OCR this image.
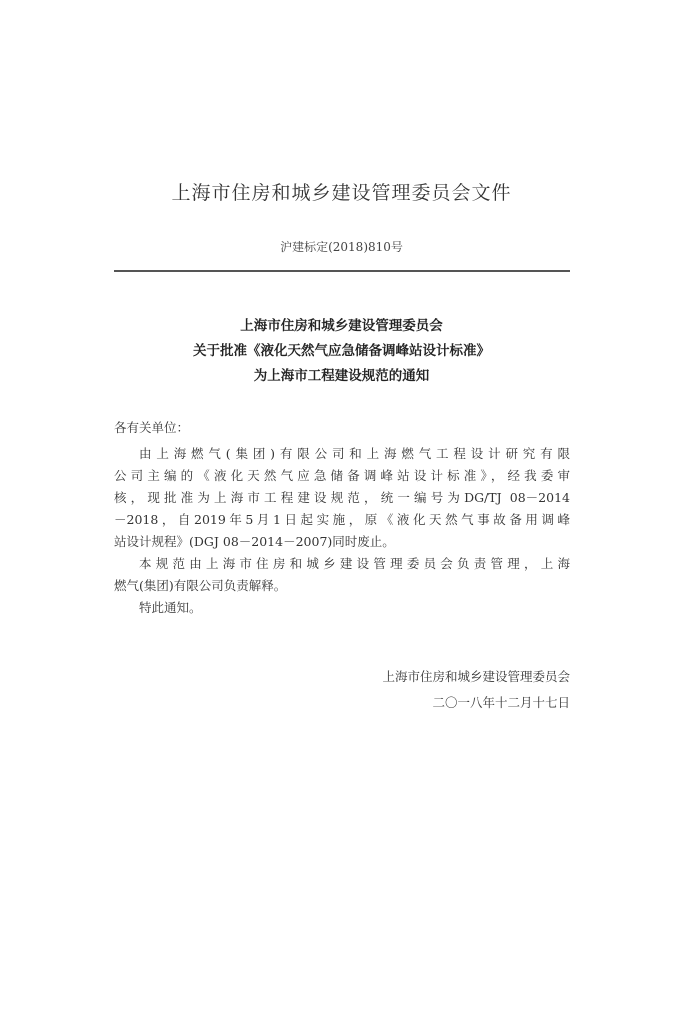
上海市住房和城乡建设管理委员会文件
沪建标定(2018)810号
上海市住房和城乡建设管理委员会
关于批准《液化天然气应急储备调峰站设计标准》
为上海市工程建设规范的通知
各有关单位：
由上海燃气(集团)有限公司和上海燃气工程设计研究有限
公司主编的《液化天然气应急储备调峰站设计标准》，经我委审
核，现批准为上海市工程建设规范，统一编号为DG/TJ 08－2014
－2018，自2019年5月1日起实施，原《液化天然气事故备用调峰
站设计规程》(DGJ 08－2014－2007)同时废止。
本规范由上海市住房和城乡建设管理委员会负责管理，上海
燃气(集团)有限公司负责解释。
特此通知。
上海市住房和城乡建设管理委员会
二〇一八年十二月十七日
